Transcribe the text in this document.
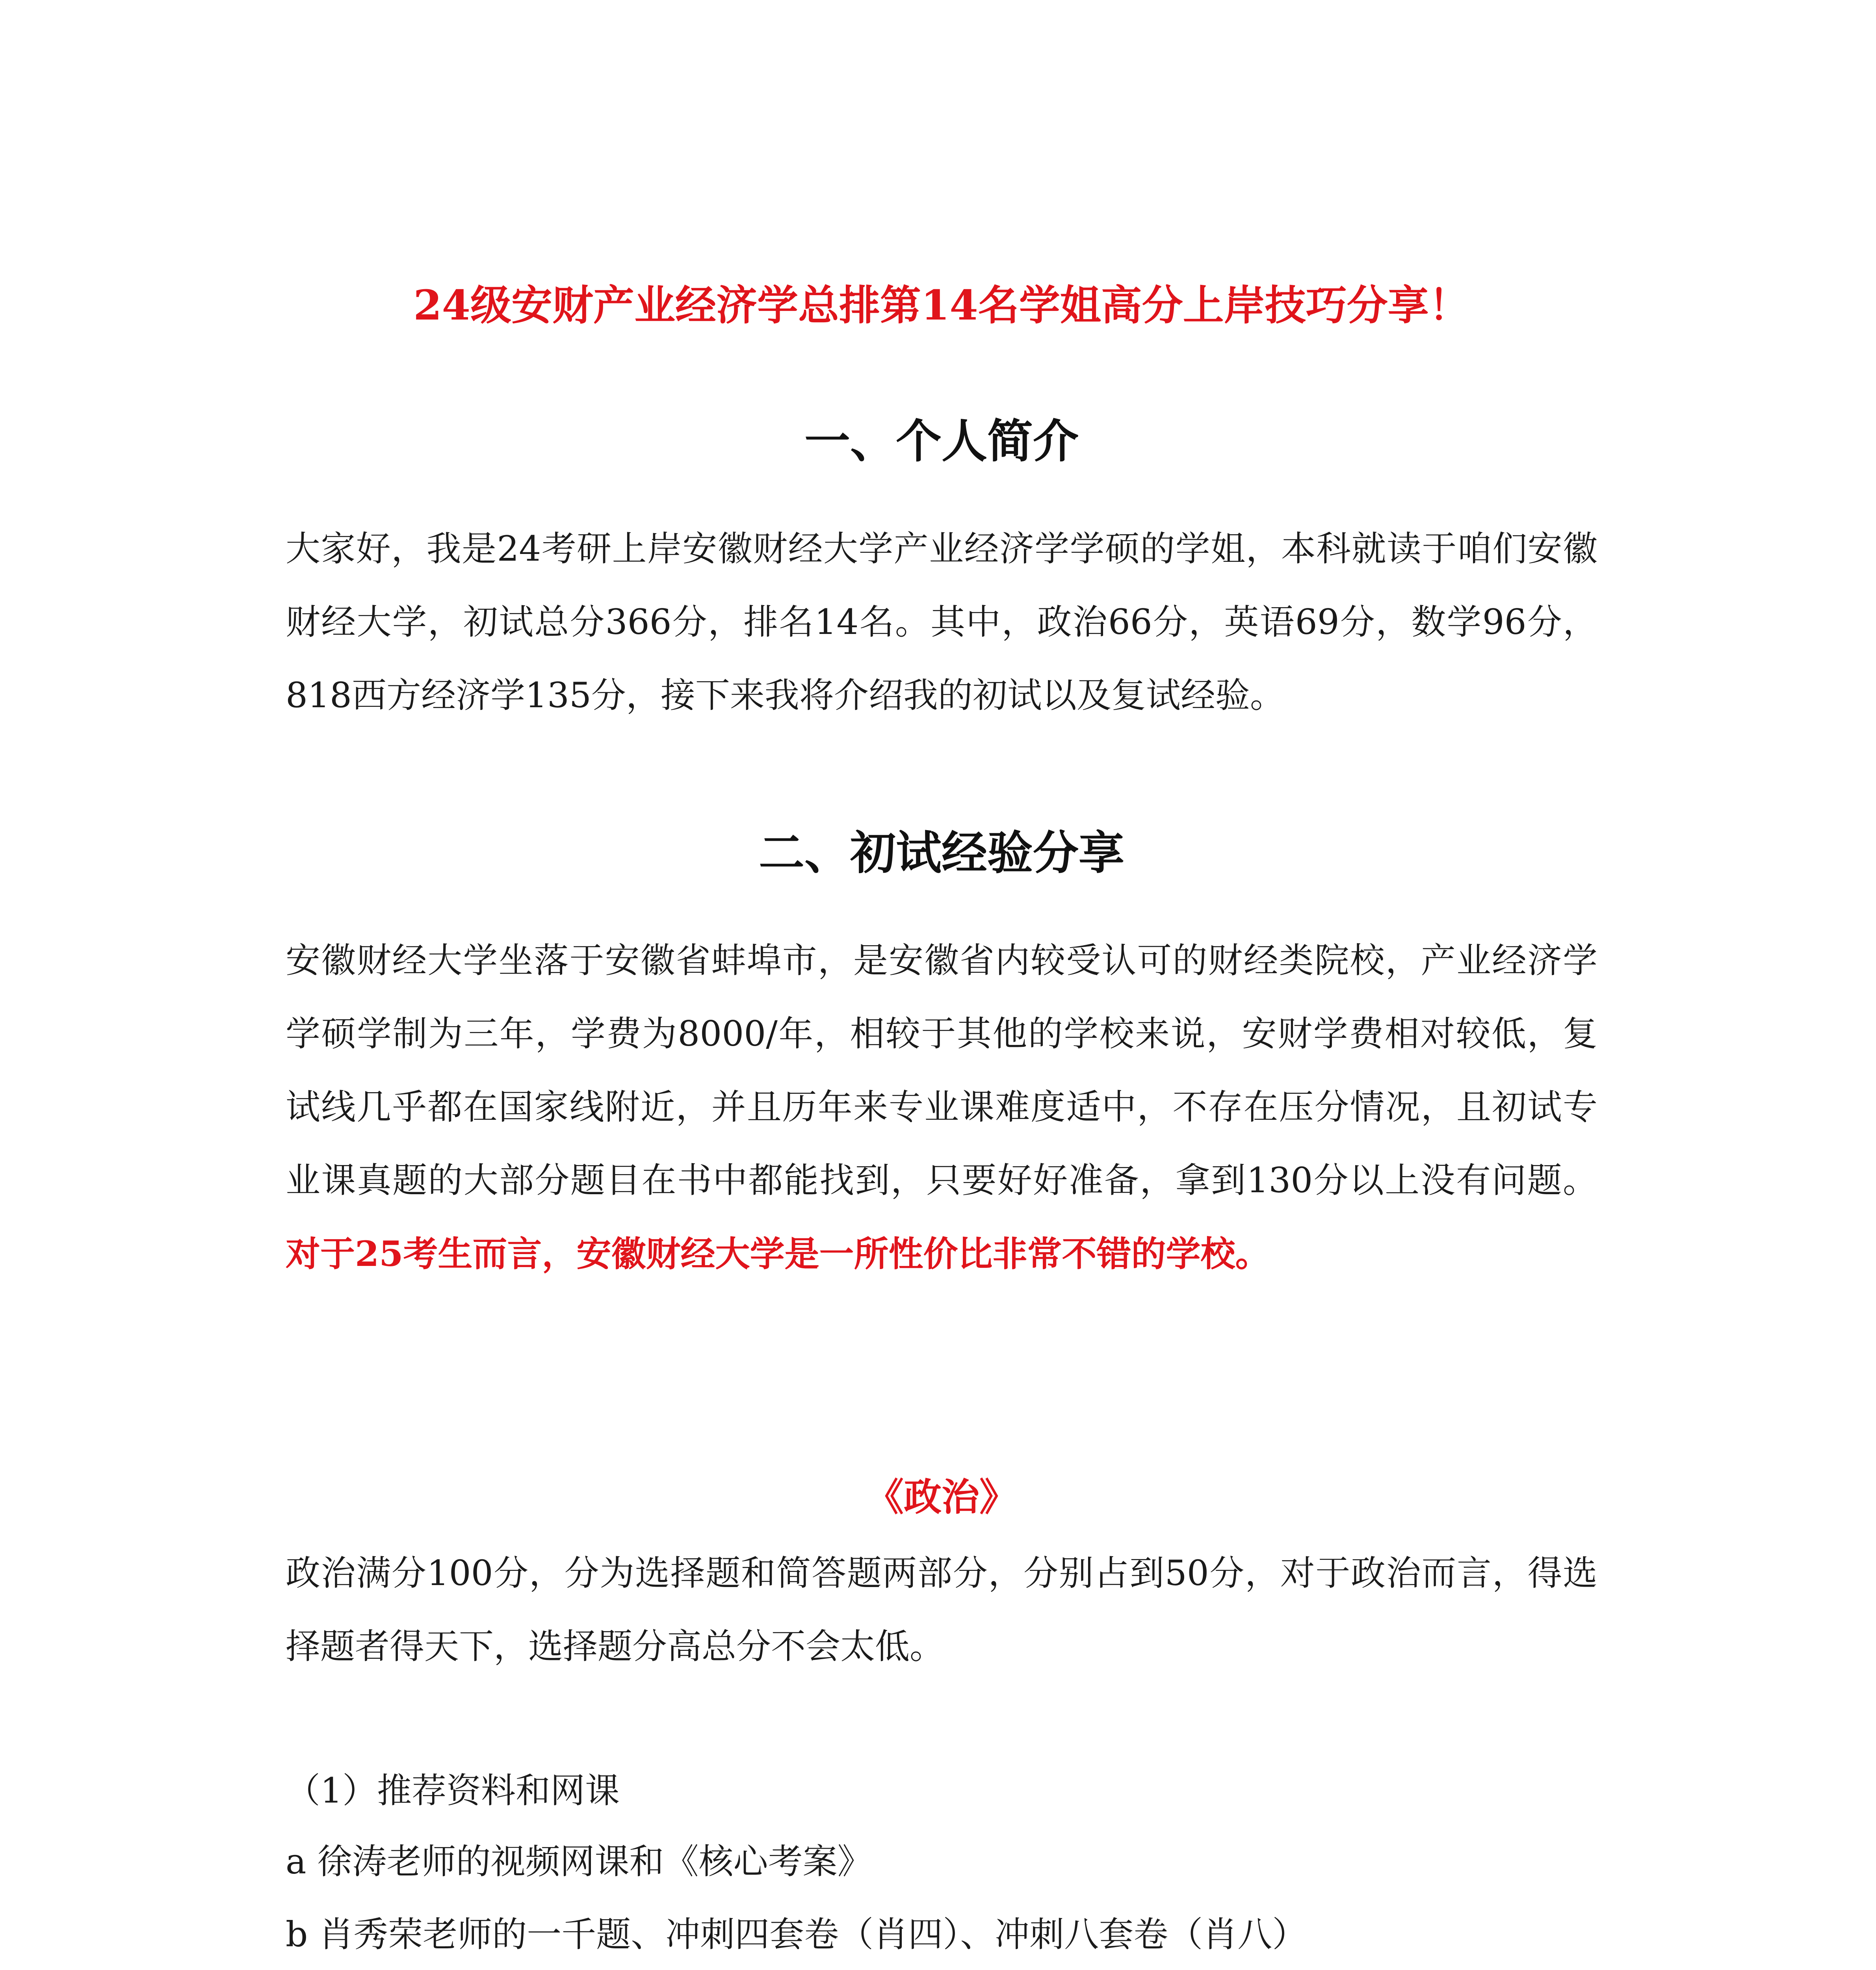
24级安财产业经济学总排第14名学姐高分上岸技巧分享！
一、个人简介
大家好，我是24考研上岸安徽财经大学产业经济学学硕的学姐，本科就读于咱们安徽财经大学，初试总分366分，排名14名。其中，政治66分，英语69分，数学96分，818西方经济学135分，接下来我将介绍我的初试以及复试经验。
二、初试经验分享
安徽财经大学坐落于安徽省蚌埠市，是安徽省内较受认可的财经类院校，产业经济学学硕学制为三年，学费为8000/年，相较于其他的学校来说，安财学费相对较低，复试线几乎都在国家线附近，并且历年来专业课难度适中，不存在压分情况，且初试专业课真题的大部分题目在书中都能找到，只要好好准备，拿到130分以上没有问题。对于25考生而言，安徽财经大学是一所性价比非常不错的学校。
《政治》
政治满分100分，分为选择题和简答题两部分，分别占到50分，对于政治而言，得选择题者得天下，选择题分高总分不会太低。
（1）推荐资料和网课
a 徐涛老师的视频网课和《核心考案》
b 肖秀荣老师的一千题、冲刺四套卷（肖四）、冲刺八套卷（肖八）
